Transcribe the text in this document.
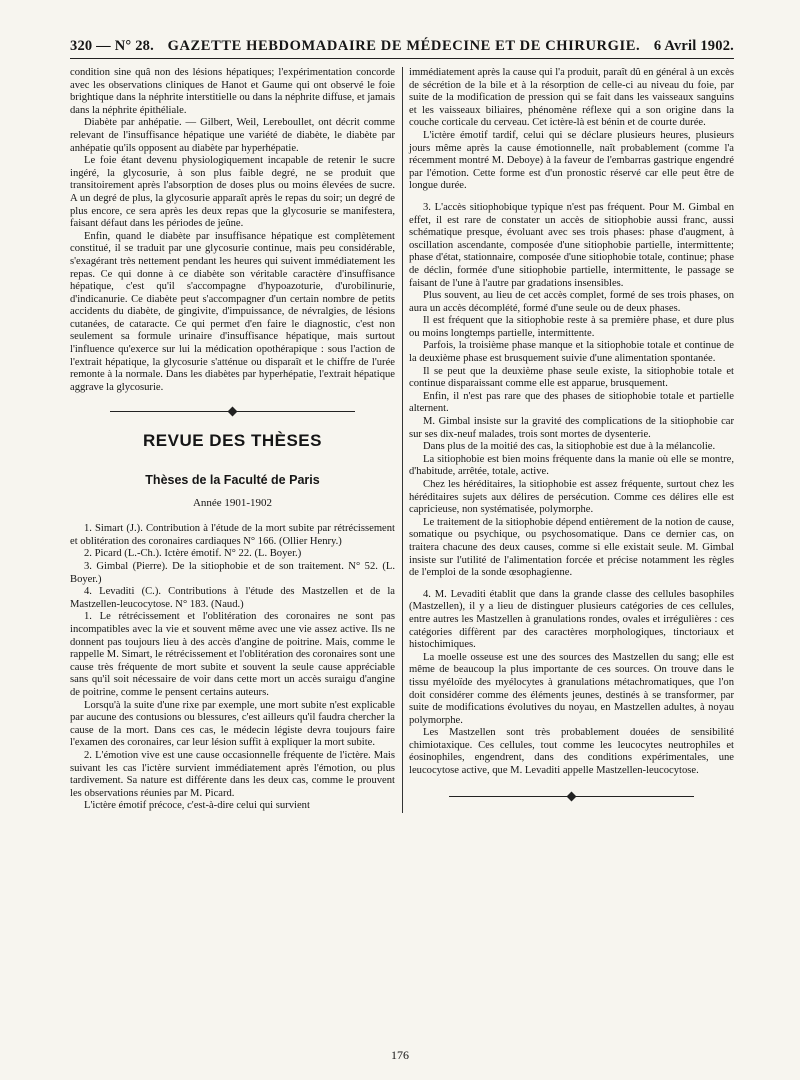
320 — N° 28. GAZETTE HEBDOMADAIRE DE MÉDECINE ET DE CHIRURGIE. 6 Avril 1902.

condition sine quâ non des lésions hépatiques; l'expérimentation concorde avec les observations cliniques de Hanot et Gaume qui ont observé le foie brightique dans la néphrite interstitielle ou dans la néphrite diffuse, et jamais dans la néphrite épithéliale.

Diabète par anhépatie. — Gilbert, Weil, Lereboullet, ont décrit comme relevant de l'insuffisance hépatique une variété de diabète, le diabète par anhépatie qu'ils opposent au diabète par hyperhépatie.

Le foie étant devenu physiologiquement incapable de retenir le sucre ingéré, la glycosurie, à son plus faible degré, ne se produit que transitoirement après l'absorption de doses plus ou moins élevées de sucre. A un degré de plus, la glycosurie apparaît après le repas du soir; un degré de plus encore, ce sera après les deux repas que la glycosurie se manifestera, faisant défaut dans les périodes de jeûne.

Enfin, quand le diabète par insuffisance hépatique est complètement constitué, il se traduit par une glycosurie continue, mais peu considérable, s'exagérant très nettement pendant les heures qui suivent immédiatement les repas. Ce qui donne à ce diabète son véritable caractère d'insuffisance hépatique, c'est qu'il s'accompagne d'hypoazoturie, d'urobilinurie, d'indicanurie. Ce diabète peut s'accompagner d'un certain nombre de petits accidents du diabète, de gingivite, d'impuissance, de névralgies, de lésions cutanées, de cataracte. Ce qui permet d'en faire le diagnostic, c'est non seulement sa formule urinaire d'insuffisance hépatique, mais surtout l'influence qu'exerce sur lui la médication opothérapique : sous l'action de l'extrait hépatique, la glycosurie s'atténue ou disparaît et le chiffre de l'urée remonte à la normale. Dans les diabètes par hyperhépatie, l'extrait hépatique aggrave la glycosurie.

REVUE DES THÈSES
Thèses de la Faculté de Paris
Année 1901-1902

1. Simart (J.). Contribution à l'étude de la mort subite par rétrécissement et oblitération des coronaires cardiaques N° 166. (Ollier Henry.)

2. Picard (L.-Ch.). Ictère émotif. N° 22. (L. Boyer.)

3. Gimbal (Pierre). De la sitiophobie et de son traitement. N° 52. (L. Boyer.)

4. Levaditi (C.). Contributions à l'étude des Mastzellen et de la Mastzellen-leucocytose. N° 183. (Naud.)

1. Le rétrécissement et l'oblitération des coronaires ne sont pas incompatibles avec la vie et souvent même avec une vie assez active. Ils ne donnent pas toujours lieu à des accès d'angine de poitrine. Mais, comme le rappelle M. Simart, le rétrécissement et l'oblitération des coronaires sont une cause très fréquente de mort subite et souvent la seule cause appréciable sans qu'il soit nécessaire de voir dans cette mort un accès suraigu d'angine de poitrine, comme le pensent certains auteurs.

Lorsqu'à la suite d'une rixe par exemple, une mort subite n'est explicable par aucune des contusions ou blessures, c'est ailleurs qu'il faudra chercher la cause de la mort. Dans ces cas, le médecin légiste devra toujours faire l'examen des coronaires, car leur lésion suffit à expliquer la mort subite.

2. L'émotion vive est une cause occasionnelle fréquente de l'ictère. Mais suivant les cas l'ictère survient immédiatement après l'émotion, ou plus tardivement. Sa nature est différente dans les deux cas, comme le prouvent les observations réunies par M. Picard.

L'ictère émotif précoce, c'est-à-dire celui qui survient

immédiatement après la cause qui l'a produit, paraît dû en général à un excès de sécrétion de la bile et à la résorption de celle-ci au niveau du foie, par suite de la modification de pression qui se fait dans les vaisseaux sanguins et les vaisseaux biliaires, phénomène réflexe qui a son origine dans la couche corticale du cerveau. Cet ictère-là est bénin et de courte durée.

L'ictère émotif tardif, celui qui se déclare plusieurs heures, plusieurs jours même après la cause émotionnelle, naît probablement (comme l'a récemment montré M. Deboye) à la faveur de l'embarras gastrique engendré par l'émotion. Cette forme est d'un pronostic réservé car elle peut être de longue durée.

3. L'accès sitiophobique typique n'est pas fréquent. Pour M. Gimbal en effet, il est rare de constater un accès de sitiophobie aussi franc, aussi schématique presque, évoluant avec ses trois phases: phase d'augment, à oscillation ascendante, composée d'une sitiophobie partielle, intermittente; phase d'état, stationnaire, composée d'une sitiophobie totale, continue; phase de déclin, formée d'une sitiophobie partielle, intermittente, le passage se faisant de l'une à l'autre par gradations insensibles.

Plus souvent, au lieu de cet accès complet, formé de ses trois phases, on aura un accès décomplété, formé d'une seule ou de deux phases.

Il est fréquent que la sitiophobie reste à sa première phase, et dure plus ou moins longtemps partielle, intermittente.

Parfois, la troisième phase manque et la sitiophobie totale et continue de la deuxième phase est brusquement suivie d'une alimentation spontanée.

Il se peut que la deuxième phase seule existe, la sitiophobie totale et continue disparaissant comme elle est apparue, brusquement.

Enfin, il n'est pas rare que des phases de sitiophobie totale et partielle alternent.

M. Gimbal insiste sur la gravité des complications de la sitiophobie car sur ses dix-neuf malades, trois sont mortes de dysenterie.

Dans plus de la moitié des cas, la sitiophobie est due à la mélancolie.

La sitiophobie est bien moins fréquente dans la manie où elle se montre, d'habitude, arrêtée, totale, active.

Chez les héréditaires, la sitiophobie est assez fréquente, surtout chez les héréditaires sujets aux délires de persécution. Comme ces délires elle est capricieuse, non systématisée, polymorphe.

Le traitement de la sitiophobie dépend entièrement de la notion de cause, somatique ou psychique, ou psychosomatique. Dans ce dernier cas, on traitera chacune des deux causes, comme si elle existait seule. M. Gimbal insiste sur l'utilité de l'alimentation forcée et précise notamment les règles de l'emploi de la sonde œsophagienne.

4. M. Levaditi établit que dans la grande classe des cellules basophiles (Mastzellen), il y a lieu de distinguer plusieurs catégories de ces cellules, entre autres les Mastzellen à granulations rondes, ovales et irrégulières : ces catégories diffèrent par des caractères morphologiques, tinctoriaux et histochimiques.

La moelle osseuse est une des sources des Mastzellen du sang; elle est même de beaucoup la plus importante de ces sources. On trouve dans le tissu myéloïde des myélocytes à granulations métachromatiques, que l'on doit considérer comme des éléments jeunes, destinés à se transformer, par suite de modifications évolutives du noyau, en Mastzellen adultes, à noyau polymorphe.

Les Mastzellen sont très probablement douées de sensibilité chimiotaxique. Ces cellules, tout comme les leucocytes neutrophiles et éosinophiles, engendrent, dans des conditions expérimentales, une leucocytose active, que M. Levaditi appelle Mastzellen-leucocytose.

176
